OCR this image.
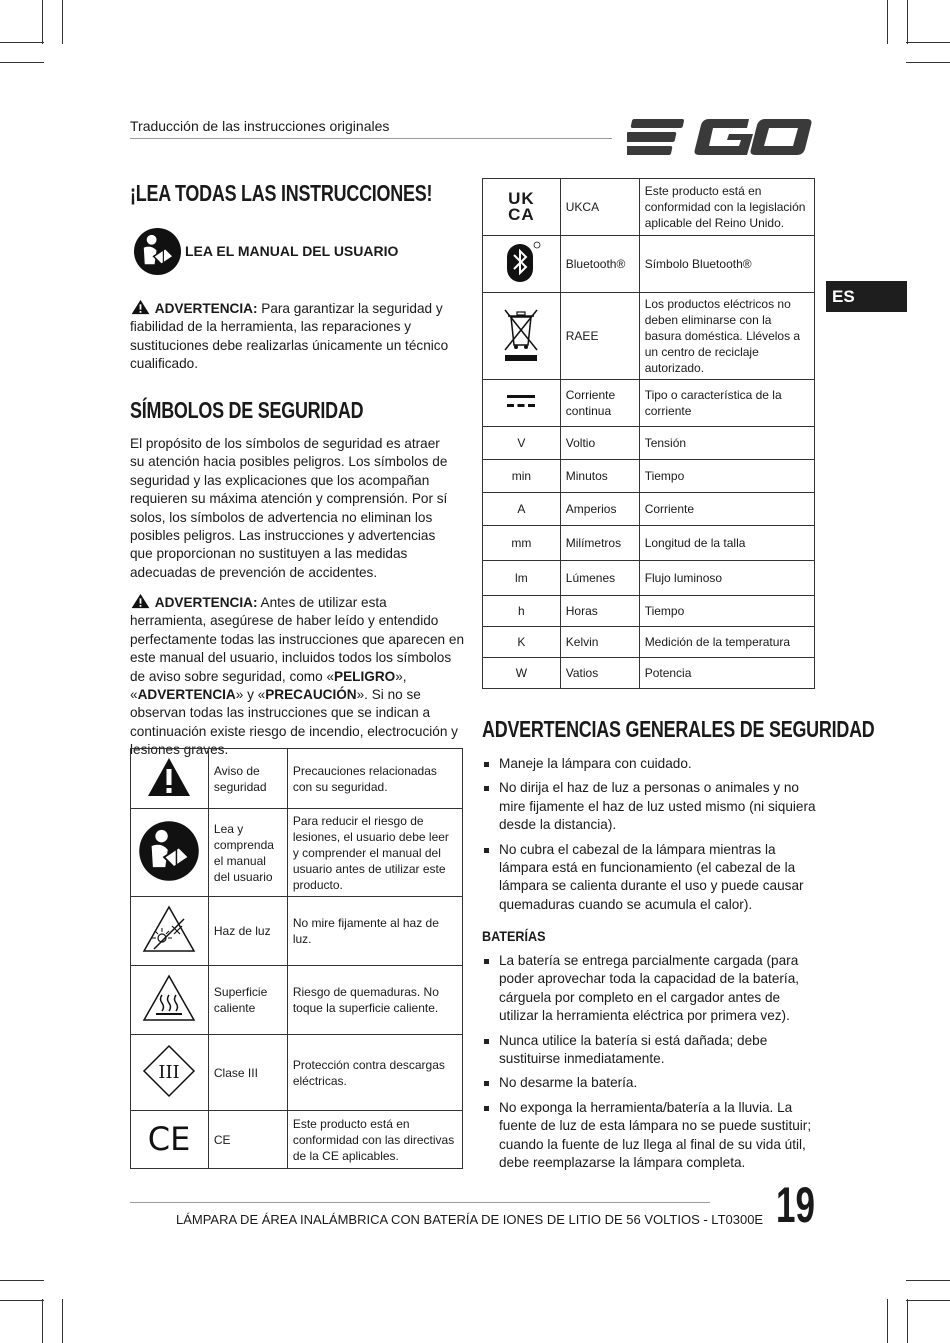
Traducción de las instrucciones originales
ES
¡LEA TODAS LAS INSTRUCCIONES!
LEA EL MANUAL DEL USUARIO
ADVERTENCIA: Para garantizar la seguridad y fiabilidad de la herramienta, las reparaciones y sustituciones debe realizarlas únicamente un técnico cualificado.
SÍMBOLOS DE SEGURIDAD
El propósito de los símbolos de seguridad es atraer su atención hacia posibles peligros. Los símbolos de seguridad y las explicaciones que los acompañan requieren su máxima atención y comprensión. Por sí solos, los símbolos de advertencia no eliminan los posibles peligros. Las instrucciones y advertencias que proporcionan no sustituyen a las medidas adecuadas de prevención de accidentes.
ADVERTENCIA: Antes de utilizar esta herramienta, asegúrese de haber leído y entendido perfectamente todas las instrucciones que aparecen en este manual del usuario, incluidos todos los símbolos de aviso sobre seguridad, como «PELIGRO», «ADVERTENCIA» y «PRECAUCIÓN». Si no se observan todas las instrucciones que se indican a continuación existe riesgo de incendio, electrocución y lesiones graves.
	Aviso de seguridad	Precauciones relacionadas con su seguridad.
	Lea y comprenda el manual del usuario	Para reducir el riesgo de lesiones, el usuario debe leer y comprender el manual del usuario antes de utilizar este producto.
	Haz de luz	No mire fijamente al haz de luz.
	Superficie caliente	Riesgo de quemaduras. No toque la superficie caliente.

III	Clase III	Protección contra descargas eléctricas.

CE	CE	Este producto está en conformidad con las directivas de la CE aplicables.
UK CA	UKCA	Este producto está en conformidad con la legislación aplicable del Reino Unido.
	Bluetooth®	Símbolo Bluetooth®
	RAEE	Los productos eléctricos no deben eliminarse con la basura doméstica. Llévelos a un centro de reciclaje autorizado.
	Corriente continua	Tipo o característica de la corriente
V	Voltio	Tensión
min	Minutos	Tiempo
A	Amperios	Corriente
mm	Milímetros	Longitud de la talla
lm	Lúmenes	Flujo luminoso
h	Horas	Tiempo
K	Kelvin	Medición de la temperatura
W	Vatios	Potencia
ADVERTENCIAS GENERALES DE SEGURIDAD
Maneje la lámpara con cuidado.
No dirija el haz de luz a personas o animales y no mire fijamente el haz de luz usted mismo (ni siquiera desde la distancia).
No cubra el cabezal de la lámpara mientras la lámpara está en funcionamiento (el cabezal de la lámpara se calienta durante el uso y puede causar quemaduras cuando se acumula el calor).
BATERÍAS
La batería se entrega parcialmente cargada (para poder aprovechar toda la capacidad de la batería, cárguela por completo en el cargador antes de utilizar la herramienta eléctrica por primera vez).
Nunca utilice la batería si está dañada; debe sustituirse inmediatamente.
No desarme la batería.
No exponga la herramienta/batería a la lluvia. La fuente de luz de esta lámpara no se puede sustituir; cuando la fuente de luz llega al final de su vida útil, debe reemplazarse la lámpara completa.
LÁMPARA DE ÁREA INALÁMBRICA CON BATERÍA DE IONES DE LITIO DE 56 VOLTIOS - LT0300E 19
